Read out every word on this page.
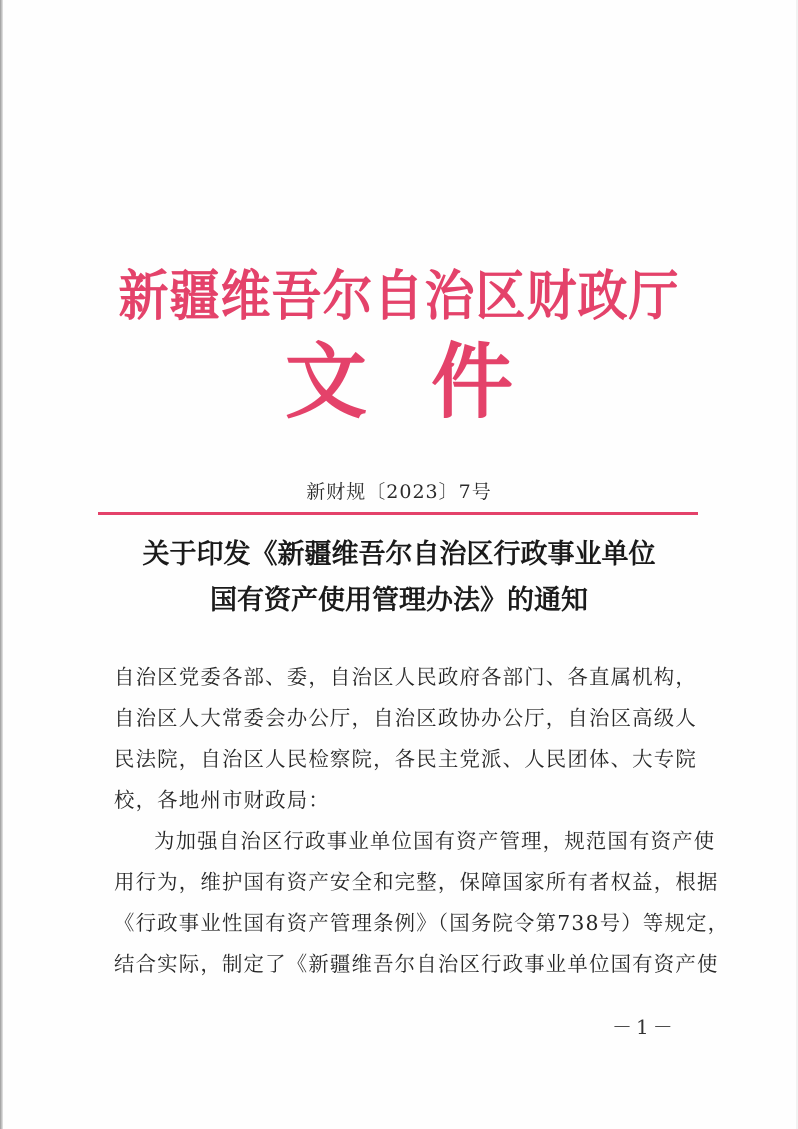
新疆维吾尔自治区财政厅
文件
新财规〔2023〕7号
关于印发《新疆维吾尔自治区行政事业单位
国有资产使用管理办法》的通知
自治区党委各部、委，自治区人民政府各部门、各直属机构，
自治区人大常委会办公厅，自治区政协办公厅，自治区高级人
民法院，自治区人民检察院，各民主党派、人民团体、大专院
校，各地州市财政局：
为加强自治区行政事业单位国有资产管理，规范国有资产使
用行为，维护国有资产安全和完整，保障国家所有者权益，根据
《行政事业性国有资产管理条例》（国务院令第738号）等规定，
结合实际，制定了《新疆维吾尔自治区行政事业单位国有资产使
－1－
